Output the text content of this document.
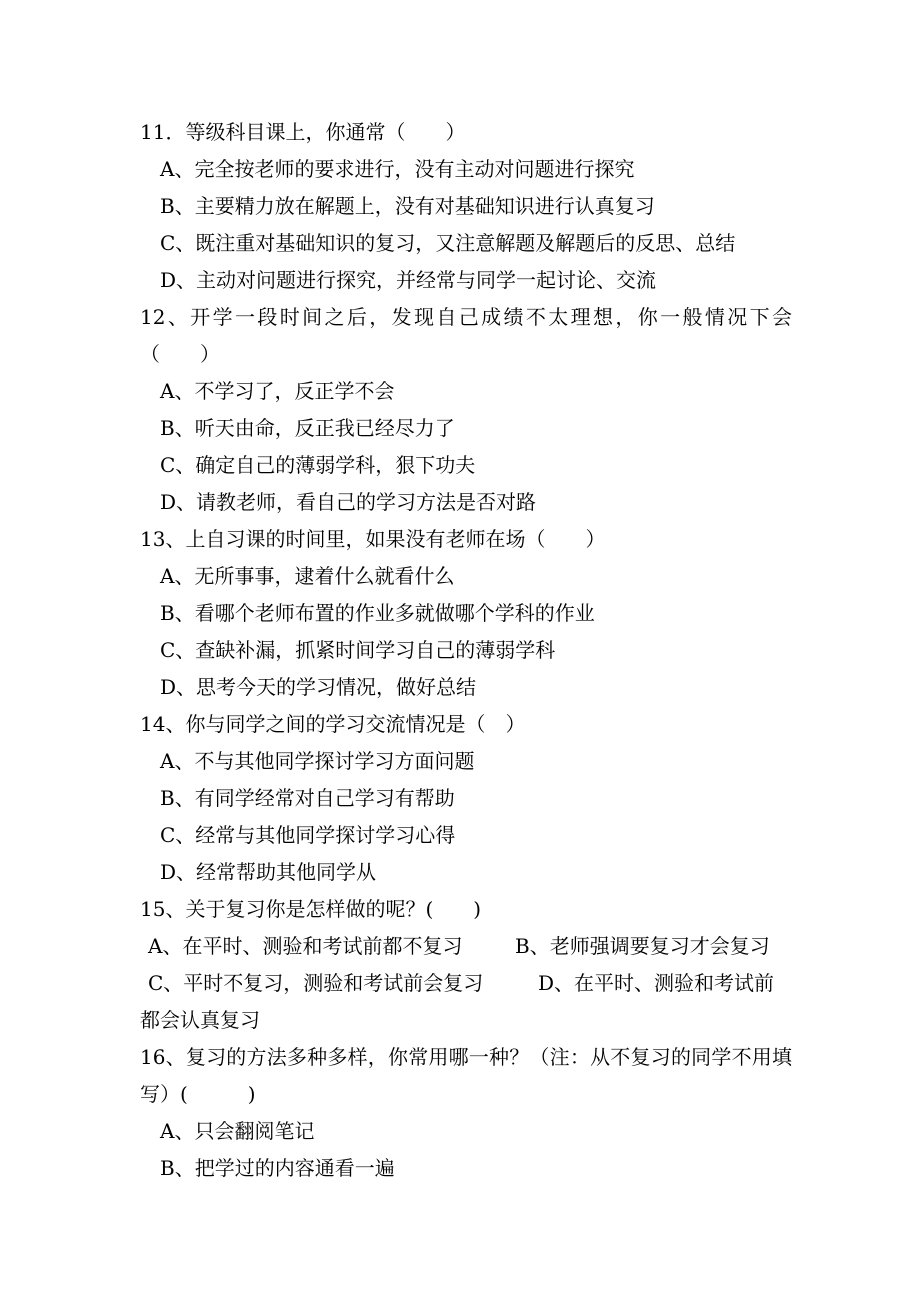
11．等级科目课上，你通常（　　）
A、完全按老师的要求进行，没有主动对问题进行探究
B、主要精力放在解题上，没有对基础知识进行认真复习
C、既注重对基础知识的复习，又注意解题及解题后的反思、总结
D、主动对问题进行探究，并经常与同学一起讨论、交流
12、开学一段时间之后，发现自己成绩不太理想，你一般情况下会（　　）
A、不学习了，反正学不会
B、听天由命，反正我已经尽力了
C、确定自己的薄弱学科，狠下功夫
D、请教老师，看自己的学习方法是否对路
13、上自习课的时间里，如果没有老师在场（　　）
A、无所事事，逮着什么就看什么
B、看哪个老师布置的作业多就做哪个学科的作业
C、查缺补漏，抓紧时间学习自己的薄弱学科
D、思考今天的学习情况，做好总结
14、你与同学之间的学习交流情况是（　）
A、不与其他同学探讨学习方面问题
B、有同学经常对自己学习有帮助
C、经常与其他同学探讨学习心得
D、经常帮助其他同学从
15、关于复习你是怎样做的呢？(　　)
A、在平时、测验和考试前都不复习	B、老师强调要复习才会复习
C、平时不复习，测验和考试前会复习	D、在平时、测验和考试前
都会认真复习
16、复习的方法多种多样，你常用哪一种？（注：从不复习的同学不用填写）(　　　)
A、只会翻阅笔记
B、把学过的内容通看一遍
